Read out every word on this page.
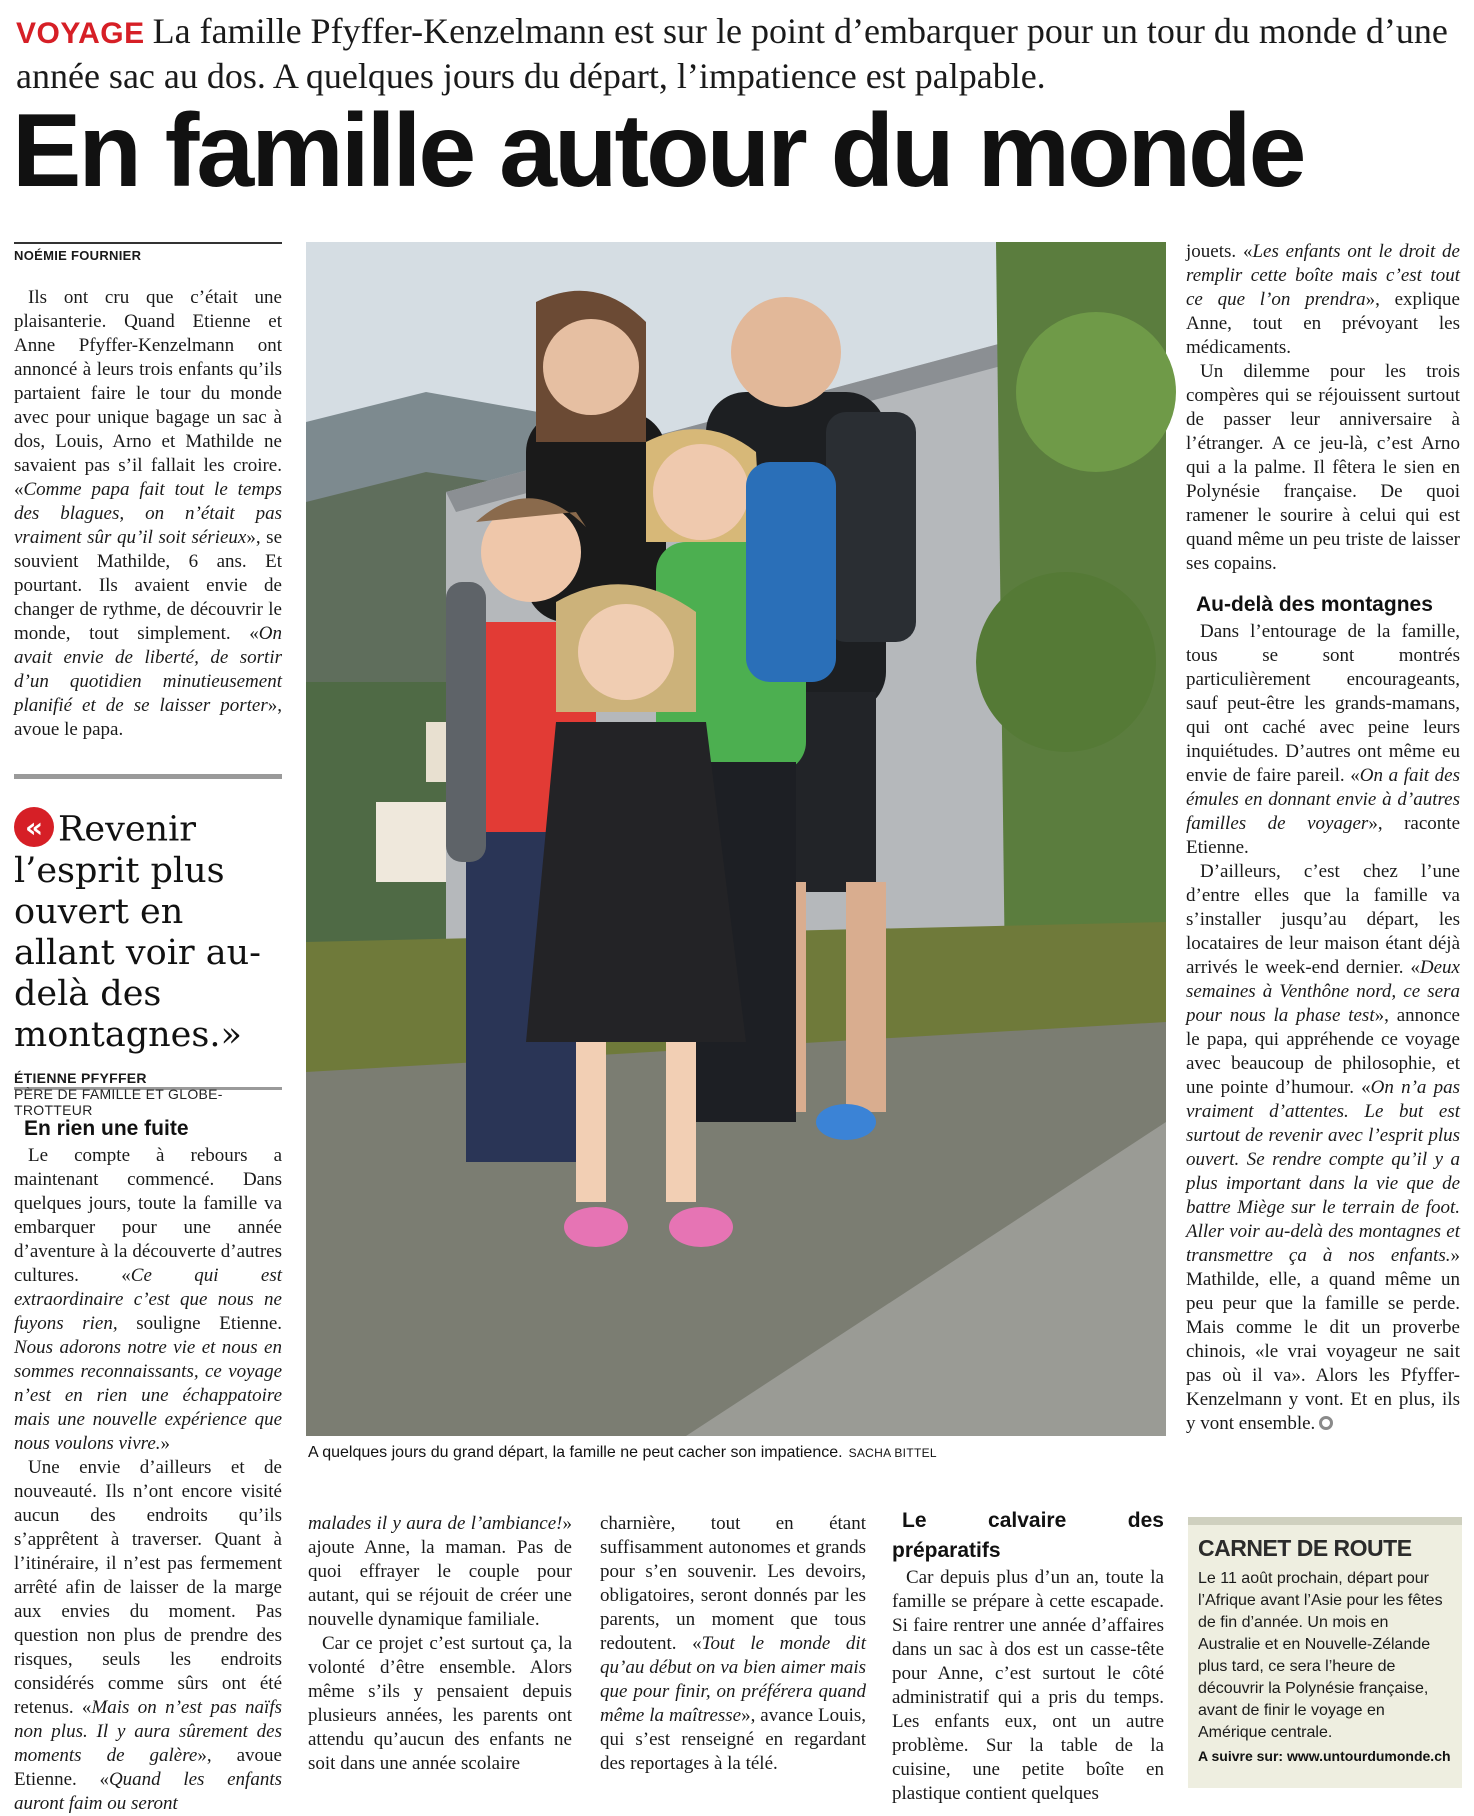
VOYAGE La famille Pfyffer-Kenzelmann est sur le point d’embarquer pour un tour du monde d’une année sac au dos. A quelques jours du départ, l’impatience est palpable.
En famille autour du monde
NOÉMIE FOURNIER

Ils ont cru que c’était une plaisanterie. Quand Etienne et Anne Pfyffer-Kenzelmann ont annoncé à leurs trois enfants qu’ils partaient faire le tour du monde avec pour unique bagage un sac à dos, Louis, Arno et Mathilde ne savaient pas s’il fallait les croire. «Comme papa fait tout le temps des blagues, on n’était pas vraiment sûr qu’il soit sérieux», se souvient Mathilde, 6 ans. Et pourtant. Ils avaient envie de changer de rythme, de découvrir le monde, tout simplement. «On avait envie de liberté, de sortir d’un quotidien minutieusement planifié et de se laisser porter», avoue le papa.

« Revenir l’esprit plus ouvert en allant voir au-delà des montagnes.»
ÉTIENNE PFYFFER
PÈRE DE FAMILLE ET GLOBE-TROTTEUR
En rien une fuite

Le compte à rebours a maintenant commencé. Dans quelques jours, toute la famille va embarquer pour une année d’aventure à la découverte d’autres cultures. «Ce qui est extraordinaire c’est que nous ne fuyons rien, souligne Etienne. Nous adorons notre vie et nous en sommes reconnaissants, ce voyage n’est en rien une échappatoire mais une nouvelle expérience que nous voulons vivre.»

Une envie d’ailleurs et de nouveauté. Ils n’ont encore visité aucun des endroits qu’ils s’apprêtent à traverser. Quant à l’itinéraire, il n’est pas fermement arrêté afin de laisser de la marge aux envies du moment. Pas question non plus de prendre des risques, seuls les endroits considérés comme sûrs ont été retenus. «Mais on n’est pas naïfs non plus. Il y aura sûrement des moments de galère», avoue Etienne. «Quand les enfants auront faim ou seront

A quelques jours du grand départ, la famille ne peut cacher son impatience. SACHA BITTEL

malades il y aura de l’ambiance!» ajoute Anne, la maman. Pas de quoi effrayer le couple pour autant, qui se réjouit de créer une nouvelle dynamique familiale.

Car ce projet c’est surtout ça, la volonté d’être ensemble. Alors même s’ils y pensaient depuis plusieurs années, les parents ont attendu qu’aucun des enfants ne soit dans une année scolaire

charnière, tout en étant suffisamment autonomes et grands pour s’en souvenir. Les devoirs, obligatoires, seront donnés par les parents, un moment que tous redoutent. «Tout le monde dit qu’au début on va bien aimer mais que pour finir, on préférera quand même la maîtresse», avance Louis, qui s’est renseigné en regardant des reportages à la télé.

Le calvaire des préparatifs

Car depuis plus d’un an, toute la famille se prépare à cette escapade. Si faire rentrer une année d’affaires dans un sac à dos est un casse-tête pour Anne, c’est surtout le côté administratif qui a pris du temps. Les enfants eux, ont un autre problème. Sur la table de la cuisine, une petite boîte en plastique contient quelques

jouets. «Les enfants ont le droit de remplir cette boîte mais c’est tout ce que l’on prendra», explique Anne, tout en prévoyant les médicaments.

Un dilemme pour les trois compères qui se réjouissent surtout de passer leur anniversaire à l’étranger. A ce jeu-là, c’est Arno qui a la palme. Il fêtera le sien en Polynésie française. De quoi ramener le sourire à celui qui est quand même un peu triste de laisser ses copains.

Au-delà des montagnes

Dans l’entourage de la famille, tous se sont montrés particulièrement encourageants, sauf peut-être les grands-mamans, qui ont caché avec peine leurs inquiétudes. D’autres ont même eu envie de faire pareil. «On a fait des émules en donnant envie à d’autres familles de voyager», raconte Etienne.

D’ailleurs, c’est chez l’une d’entre elles que la famille va s’installer jusqu’au départ, les locataires de leur maison étant déjà arrivés le week-end dernier. «Deux semaines à Venthône nord, ce sera pour nous la phase test», annonce le papa, qui appréhende ce voyage avec beaucoup de philosophie, et une pointe d’humour. «On n’a pas vraiment d’attentes. Le but est surtout de revenir avec l’esprit plus ouvert. Se rendre compte qu’il y a plus important dans la vie que de battre Miège sur le terrain de foot. Aller voir au-delà des montagnes et transmettre ça à nos enfants.» Mathilde, elle, a quand même un peu peur que la famille se perde. Mais comme le dit un proverbe chinois, «le vrai voyageur ne sait pas où il va». Alors les Pfyffer-Kenzelmann y vont. Et en plus, ils y vont ensemble.

CARNET DE ROUTE
Le 11 août prochain, départ pour l’Afrique avant l’Asie pour les fêtes de fin d’année. Un mois en Australie et en Nouvelle-Zélande plus tard, ce sera l’heure de découvrir la Polynésie française, avant de finir le voyage en Amérique centrale.
A suivre sur: www.untourdumonde.ch
